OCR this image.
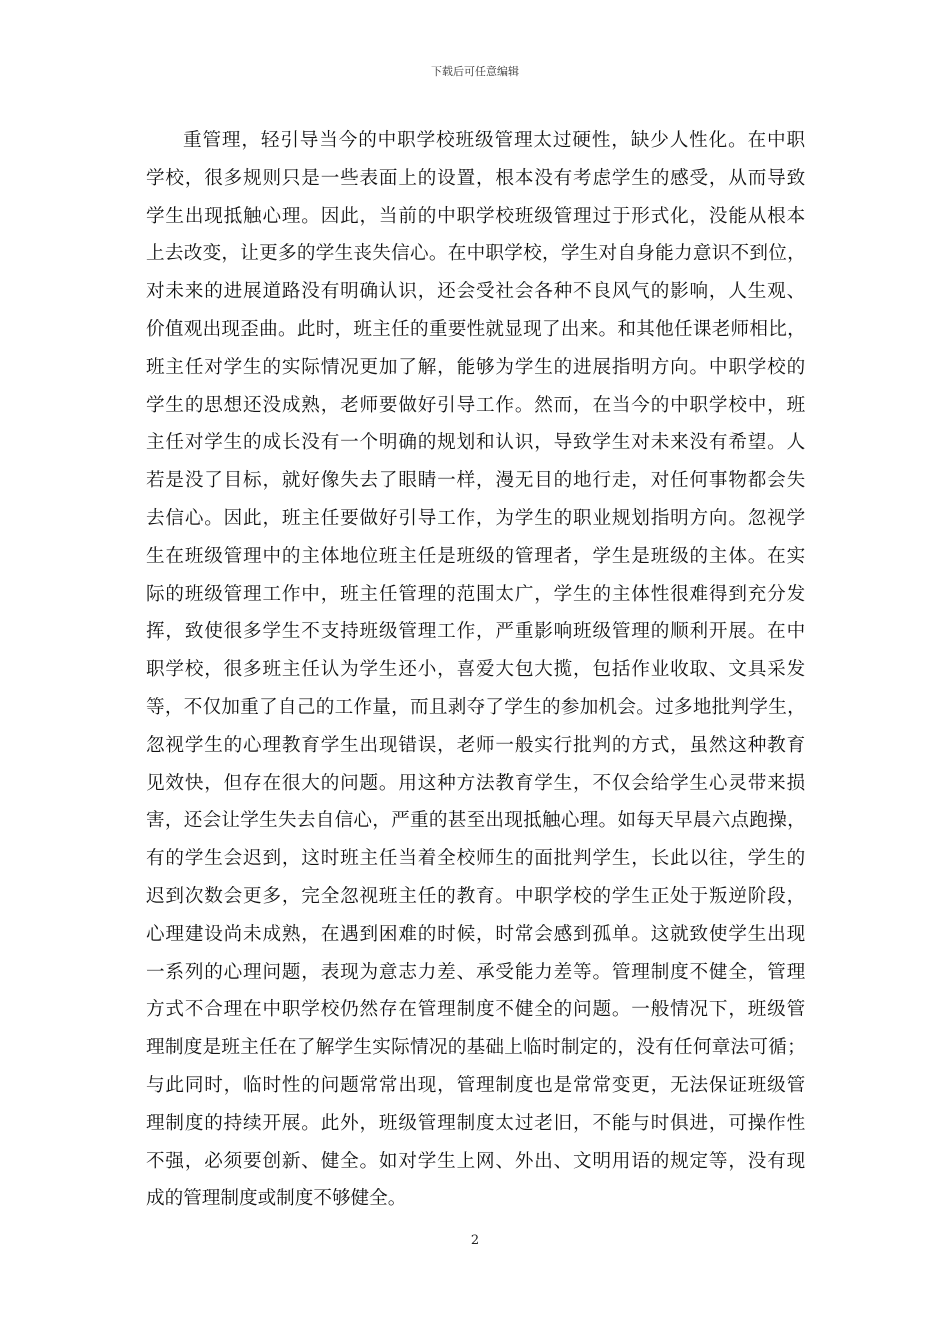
下载后可任意编辑
重管理，轻引导当今的中职学校班级管理太过硬性，缺少人性化。在中职
学校，很多规则只是一些表面上的设置，根本没有考虑学生的感受，从而导致
学生出现抵触心理。因此，当前的中职学校班级管理过于形式化，没能从根本
上去改变，让更多的学生丧失信心。在中职学校，学生对自身能力意识不到位，
对未来的进展道路没有明确认识，还会受社会各种不良风气的影响，人生观、
价值观出现歪曲。此时，班主任的重要性就显现了出来。和其他任课老师相比，
班主任对学生的实际情况更加了解，能够为学生的进展指明方向。中职学校的
学生的思想还没成熟，老师要做好引导工作。然而，在当今的中职学校中，班
主任对学生的成长没有一个明确的规划和认识，导致学生对未来没有希望。人
若是没了目标，就好像失去了眼睛一样，漫无目的地行走，对任何事物都会失
去信心。因此，班主任要做好引导工作，为学生的职业规划指明方向。忽视学
生在班级管理中的主体地位班主任是班级的管理者，学生是班级的主体。在实
际的班级管理工作中，班主任管理的范围太广，学生的主体性很难得到充分发
挥，致使很多学生不支持班级管理工作，严重影响班级管理的顺利开展。在中
职学校，很多班主任认为学生还小，喜爱大包大揽，包括作业收取、文具采发
等，不仅加重了自己的工作量，而且剥夺了学生的参加机会。过多地批判学生，
忽视学生的心理教育学生出现错误，老师一般实行批判的方式，虽然这种教育
见效快，但存在很大的问题。用这种方法教育学生，不仅会给学生心灵带来损
害，还会让学生失去自信心，严重的甚至出现抵触心理。如每天早晨六点跑操，
有的学生会迟到，这时班主任当着全校师生的面批判学生，长此以往，学生的
迟到次数会更多，完全忽视班主任的教育。中职学校的学生正处于叛逆阶段，
心理建设尚未成熟，在遇到困难的时候，时常会感到孤单。这就致使学生出现
一系列的心理问题，表现为意志力差、承受能力差等。管理制度不健全，管理
方式不合理在中职学校仍然存在管理制度不健全的问题。一般情况下，班级管
理制度是班主任在了解学生实际情况的基础上临时制定的，没有任何章法可循；
与此同时，临时性的问题常常出现，管理制度也是常常变更，无法保证班级管
理制度的持续开展。此外，班级管理制度太过老旧，不能与时俱进，可操作性
不强，必须要创新、健全。如对学生上网、外出、文明用语的规定等，没有现
成的管理制度或制度不够健全。
2
